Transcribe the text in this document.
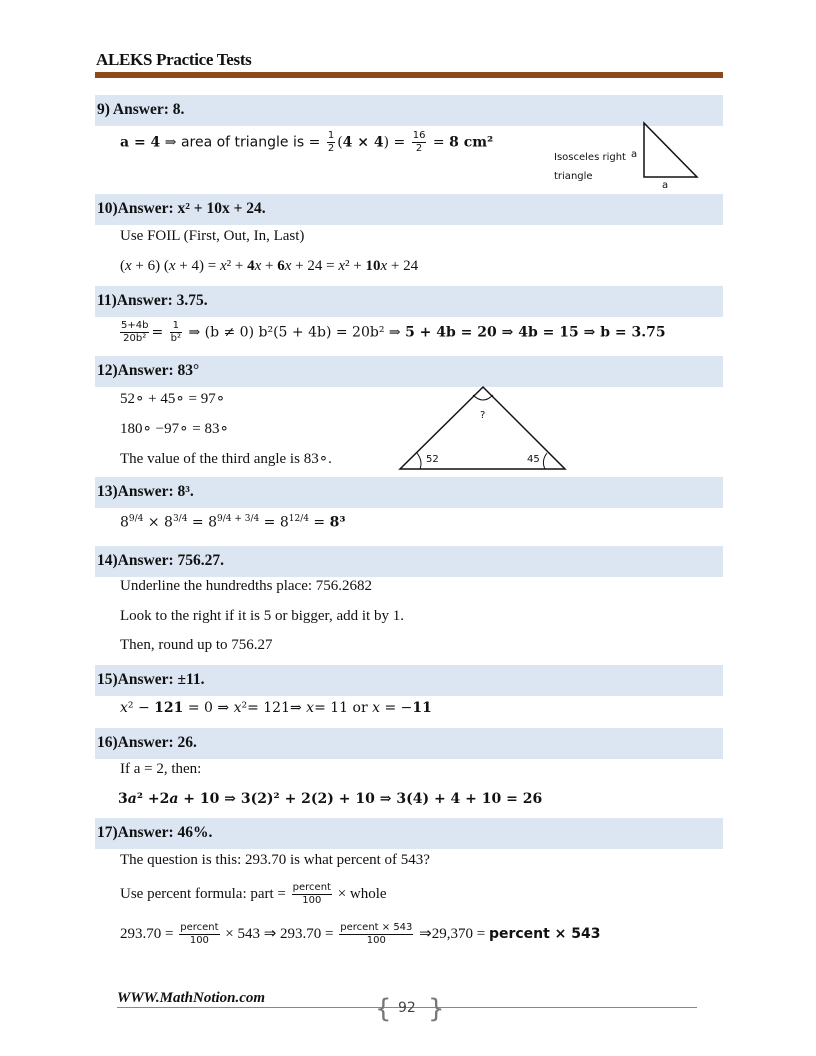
ALEKS Practice Tests
9) Answer: 8.
a = 4 ⇒ area of triangle is = $\frac{1}{2} (4 \times 4) = \frac{16}{2} = 8$ cm²
Isosceles right
triangle
a
a
10)Answer: x² + 10x + 24.
Use FOIL (First, Out, In, Last)
(x + 6) (x + 4) = x² + 4x + 6x + 24 = x² + 10x + 24
11)Answer: 3.75.
$\frac{5+4b}{\text{20b²}} = \frac{1}{\text{b²}}$ ⇒ (b ≠ 0) b²(5 + 4b) = 20b² ⇒ 5 + 4b = 20 ⇒ 4b = 15 ⇒ b = 3.75
12)Answer: 83°
52∘ + 45∘ = 97∘
180∘ −97∘ = 83∘
The value of the third angle is 83∘.
?
52	45
13)Answer: 8³.
$8^{9/4} \times 8^{3/4} = 8^{9/4 + 3/4} = 8^{12/4} = 8^3$
14)Answer: 756.27.
Underline the hundredths place: 756.2682
Look to the right if it is 5 or bigger, add it by 1.
Then, round up to 756.27
15)Answer: ±11.
x² − 121 = 0 ⇒ x²= 121⇒ x= 11 or x = −11
16)Answer: 26.
If a = 2, then:
3a² +2a + 10 ⇒ 3(2)² + 2(2) + 10 ⇒ 3(4) + 4 + 10 = 26
17)Answer: 46%.
The question is this: 293.70 is what percent of 543?
Use percent formula: part = $\frac{\text{percent}}{100}$ × whole
$293.70 = \frac{\text{percent}}{100} \times 543$ ⇒ $293.70 = \frac{\text{percent × 543}}{100}$ ⇒29,370 = percent × 543
WWW.MathNotion.com	{ 92 }
